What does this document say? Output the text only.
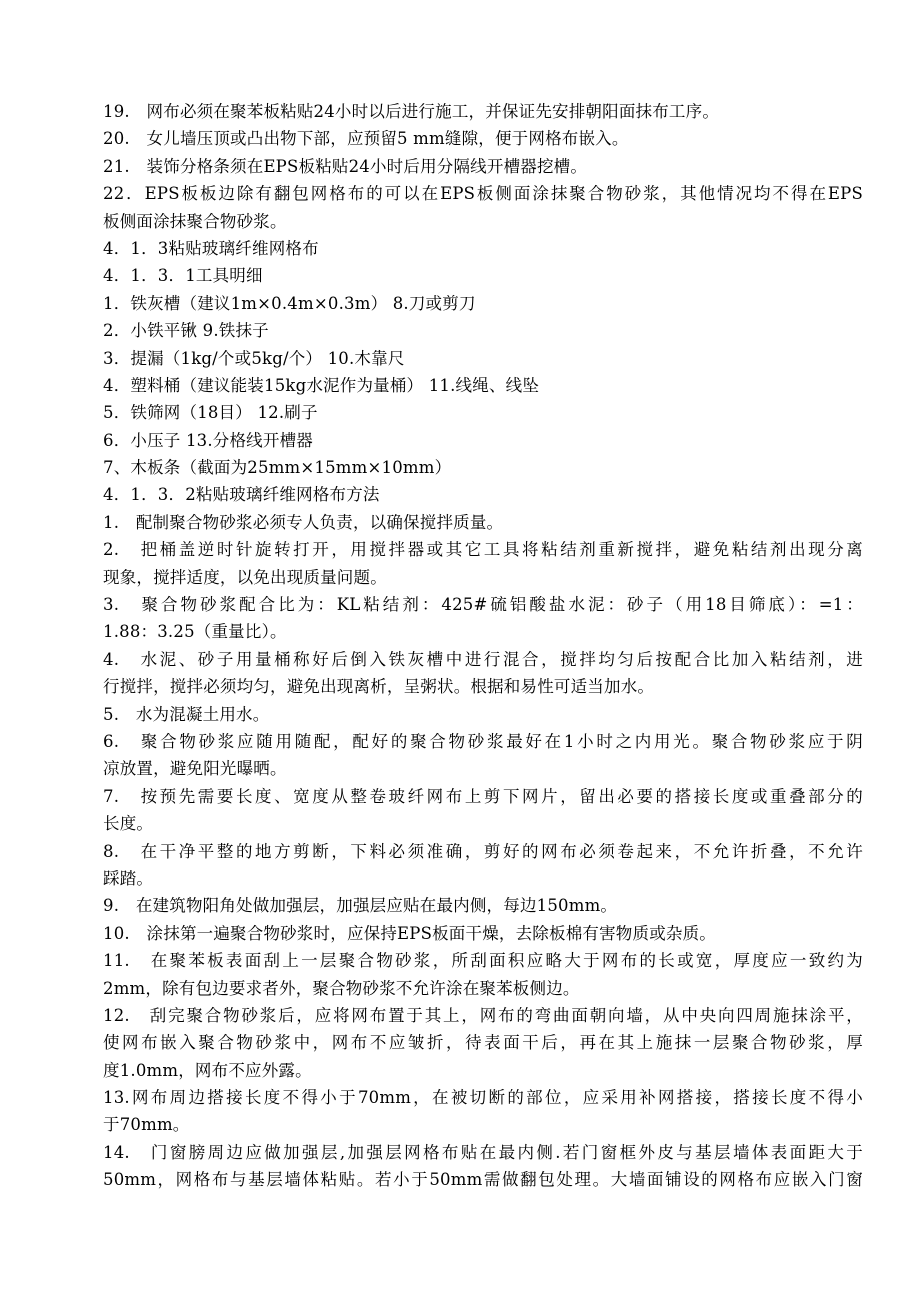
19.　网布必须在聚苯板粘贴24小时以后进行施工，并保证先安排朝阳面抹布工序。
20.　女儿墙压顶或凸出物下部，应预留5 mm缝隙，便于网格布嵌入。
21.　装饰分格条须在EPS板粘贴24小时后用分隔线开槽器挖槽。
22．EPS板板边除有翻包网格布的可以在EPS板侧面涂抹聚合物砂浆，其他情况均不得在EPS
板侧面涂抹聚合物砂浆。
4．1．3粘贴玻璃纤维网格布
4．1．3．1工具明细
1．铁灰槽（建议1m×0.4m×0.3m） 8.刀或剪刀
2．小铁平锹 9.铁抹子
3．提漏（1kg/个或5kg/个） 10.木靠尺
4．塑料桶（建议能装15kg水泥作为量桶） 11.线绳、线坠
5．铁筛网（18目） 12.刷子
6．小压子 13.分格线开槽器
7、木板条（截面为25mm×15mm×10mm）
4．1．3．2粘贴玻璃纤维网格布方法
1.　配制聚合物砂浆必须专人负责，以确保搅拌质量。
2.　把桶盖逆时针旋转打开，用搅拌器或其它工具将粘结剂重新搅拌，避免粘结剂出现分离
现象，搅拌适度，以免出现质量问题。
3.　聚合物砂浆配合比为：KL粘结剂：425#硫铝酸盐水泥：砂子（用18目筛底）：=1：
1.88：3.25（重量比）。
4.　水泥、砂子用量桶称好后倒入铁灰槽中进行混合，搅拌均匀后按配合比加入粘结剂，进
行搅拌，搅拌必须均匀，避免出现离析，呈粥状。根据和易性可适当加水。
5.　水为混凝土用水。
6.　聚合物砂浆应随用随配，配好的聚合物砂浆最好在1小时之内用光。聚合物砂浆应于阴
凉放置，避免阳光曝晒。
7.　按预先需要长度、宽度从整卷玻纤网布上剪下网片，留出必要的搭接长度或重叠部分的
长度。
8.　在干净平整的地方剪断，下料必须准确，剪好的网布必须卷起来，不允许折叠，不允许
踩踏。
9.　在建筑物阳角处做加强层，加强层应贴在最内侧，每边150mm。
10.　涂抹第一遍聚合物砂浆时，应保持EPS板面干燥，去除板棉有害物质或杂质。
11.　在聚苯板表面刮上一层聚合物砂浆，所刮面积应略大于网布的长或宽，厚度应一致约为
2mm，除有包边要求者外，聚合物砂浆不允许涂在聚苯板侧边。
12.　刮完聚合物砂浆后，应将网布置于其上，网布的弯曲面朝向墙，从中央向四周施抹涂平，
使网布嵌入聚合物砂浆中，网布不应皱折，待表面干后，再在其上施抹一层聚合物砂浆，厚
度1.0mm，网布不应外露。
13.网布周边搭接长度不得小于70mm，在被切断的部位，应采用补网搭接，搭接长度不得小
于70mm。
14.　门窗膀周边应做加强层,加强层网格布贴在最内侧.若门窗框外皮与基层墙体表面距大于
50mm，网格布与基层墙体粘贴。若小于50mm需做翻包处理。大墙面铺设的网格布应嵌入门窗
